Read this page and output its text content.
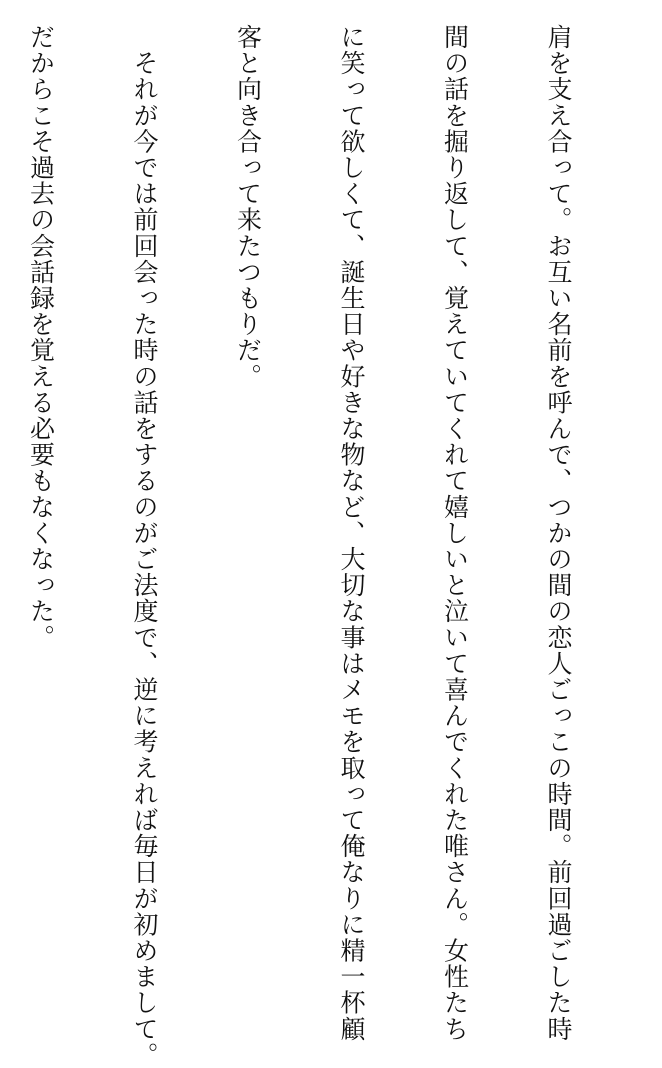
肩を支え合って。お互い名前を呼んで、つかの間の恋人ごっこの時間。前回過ごした時

間の話を掘り返して、覚えていてくれて嬉しいと泣いて喜んでくれた唯さん。女性たち

に笑って欲しくて、誕生日や好きな物など、大切な事はメモを取って俺なりに精一杯顧

客と向き合って来たつもりだ。

　それが今では前回会った時の話をするのがご法度で、逆に考えれば毎日が初めまして。

だからこそ過去の会話録を覚える必要もなくなった。
